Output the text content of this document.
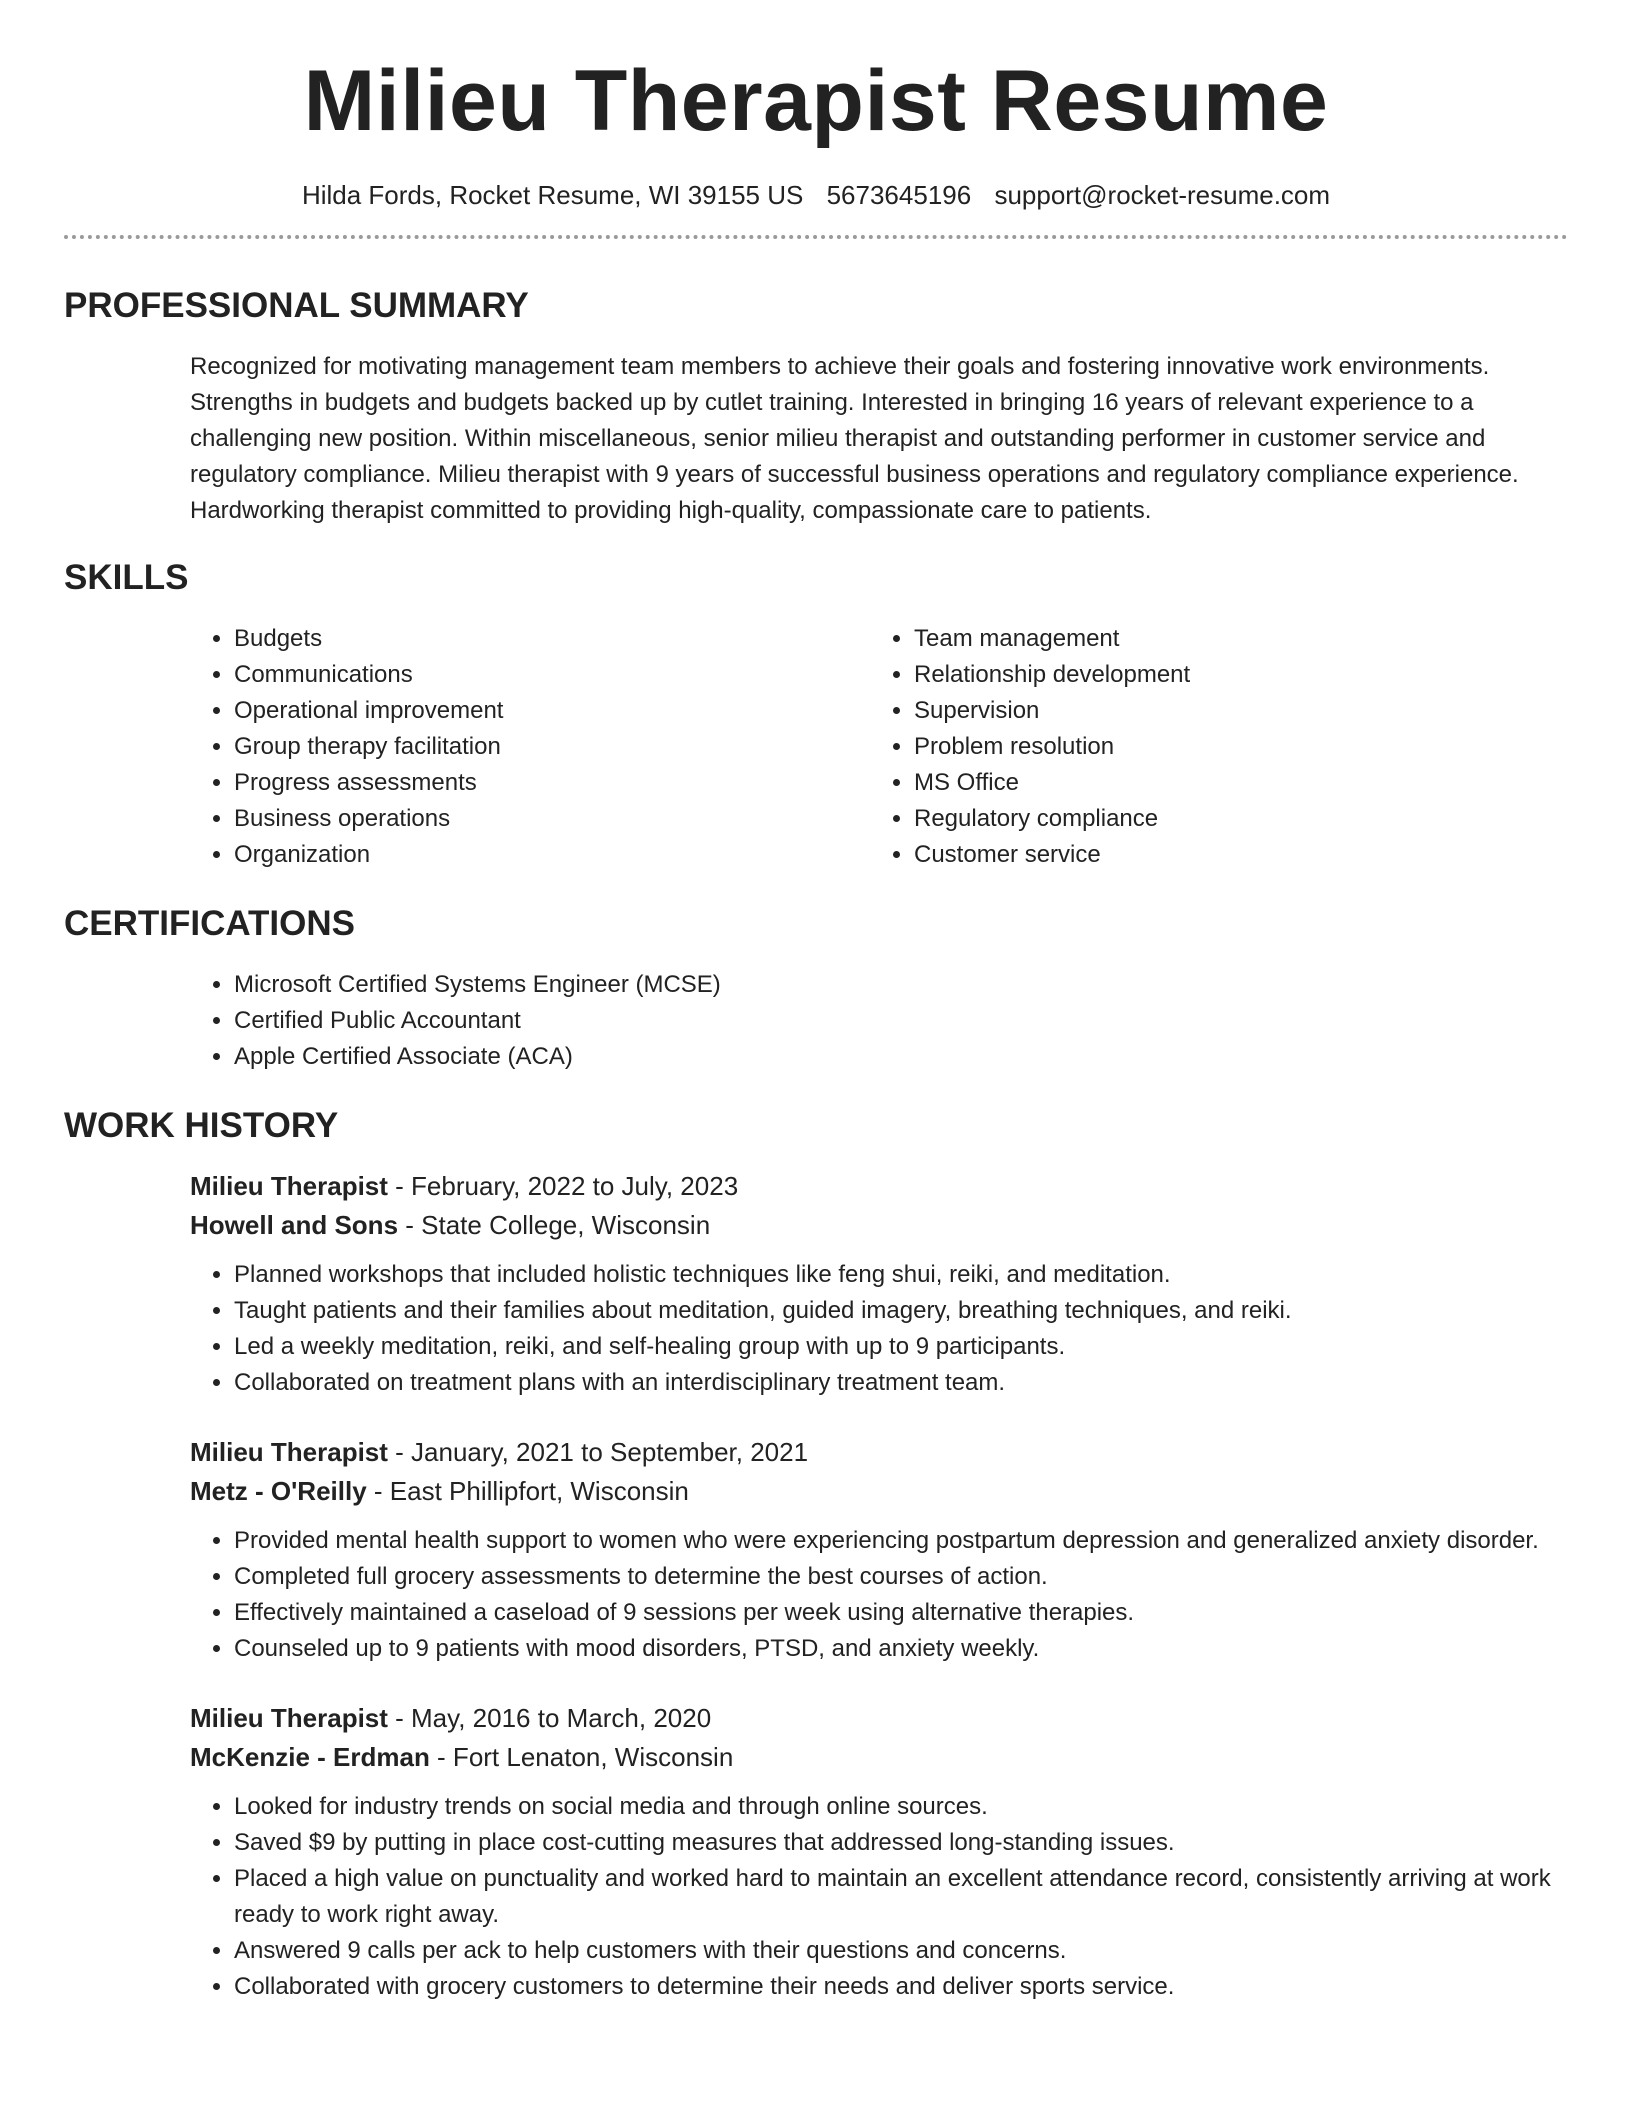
Milieu Therapist Resume
Hilda Fords, Rocket Resume, WI 39155 US 5673645196 support@rocket-resume.com
PROFESSIONAL SUMMARY
Recognized for motivating management team members to achieve their goals and fostering innovative work environments. Strengths in budgets and budgets backed up by cutlet training. Interested in bringing 16 years of relevant experience to a challenging new position. Within miscellaneous, senior milieu therapist and outstanding performer in customer service and regulatory compliance. Milieu therapist with 9 years of successful business operations and regulatory compliance experience. Hardworking therapist committed to providing high-quality, compassionate care to patients.
SKILLS
• Budgets
• Communications
• Operational improvement
• Group therapy facilitation
• Progress assessments
• Business operations
• Organization
• Team management
• Relationship development
• Supervision
• Problem resolution
• MS Office
• Regulatory compliance
• Customer service
CERTIFICATIONS
• Microsoft Certified Systems Engineer (MCSE)
• Certified Public Accountant
• Apple Certified Associate (ACA)
WORK HISTORY
Milieu Therapist - February, 2022 to July, 2023
Howell and Sons - State College, Wisconsin
• Planned workshops that included holistic techniques like feng shui, reiki, and meditation.
• Taught patients and their families about meditation, guided imagery, breathing techniques, and reiki.
• Led a weekly meditation, reiki, and self-healing group with up to 9 participants.
• Collaborated on treatment plans with an interdisciplinary treatment team.
Milieu Therapist - January, 2021 to September, 2021
Metz - O'Reilly - East Phillipfort, Wisconsin
• Provided mental health support to women who were experiencing postpartum depression and generalized anxiety disorder.
• Completed full grocery assessments to determine the best courses of action.
• Effectively maintained a caseload of 9 sessions per week using alternative therapies.
• Counseled up to 9 patients with mood disorders, PTSD, and anxiety weekly.
Milieu Therapist - May, 2016 to March, 2020
McKenzie - Erdman - Fort Lenaton, Wisconsin
• Looked for industry trends on social media and through online sources.
• Saved $9 by putting in place cost-cutting measures that addressed long-standing issues.
• Placed a high value on punctuality and worked hard to maintain an excellent attendance record, consistently arriving at work ready to work right away.
• Answered 9 calls per ack to help customers with their questions and concerns.
• Collaborated with grocery customers to determine their needs and deliver sports service.
